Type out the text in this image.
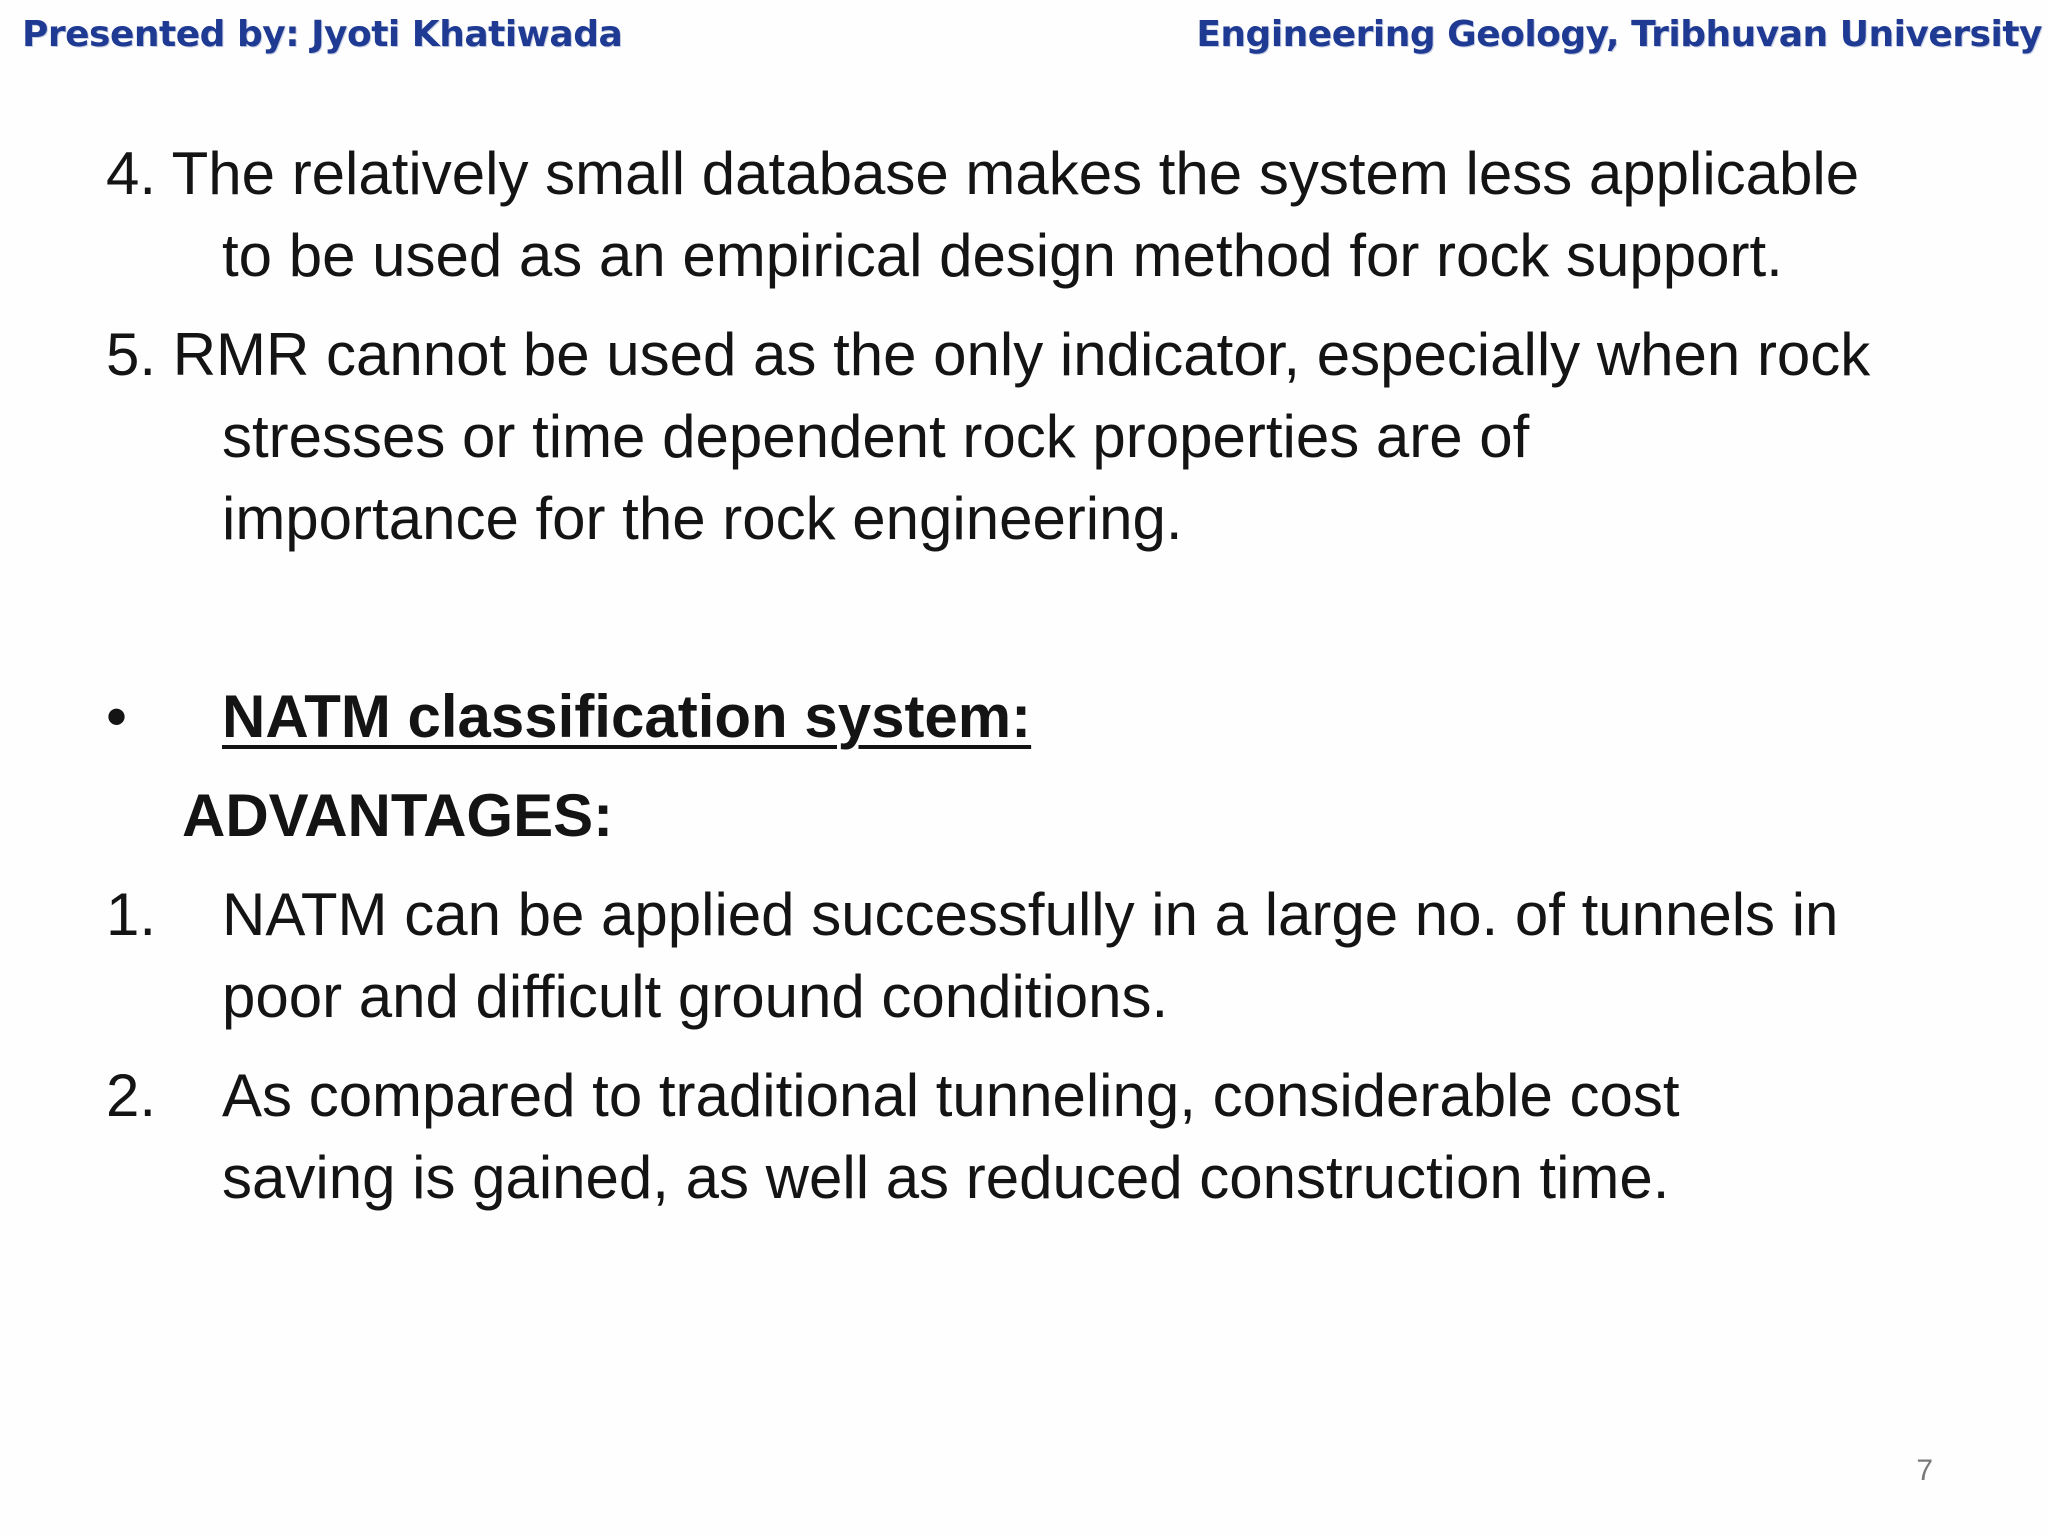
Presented by: Jyoti Khatiwada	Engineering Geology, Tribhuvan University
4. The relatively small database makes the system less applicable
to be used as an empirical design method for rock support.
5. RMR cannot be used as the only indicator, especially when rock
stresses or time dependent rock properties are of
importance for the rock engineering.
• NATM classification system:
ADVANTAGES:
1. NATM can be applied successfully in a large no. of tunnels in
poor and difficult ground conditions.
2. As compared to traditional tunneling, considerable cost
saving is gained, as well as reduced construction time.
7
